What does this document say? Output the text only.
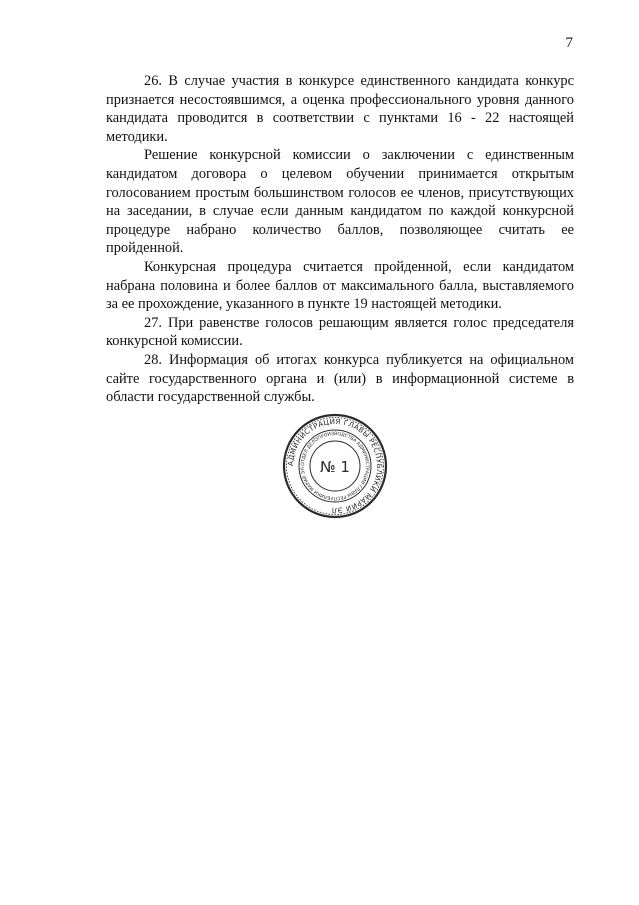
7

26. В случае участия в конкурсе единственного кандидата конкурс признается несостоявшимся, а оценка профессионального уровня данного кандидата проводится в соответствии с пунктами 16 - 22 настоящей методики.

Решение конкурсной комиссии о заключении с единственным кандидатом договора о целевом обучении принимается открытым голосованием простым большинством голосов ее членов, присутствующих на заседании, в случае если данным кандидатом по каждой конкурсной процедуре набрано количество баллов, позволяющее считать ее пройденной.

Конкурсная процедура считается пройденной, если кандидатом набрана половина и более баллов от максимального балла, выставляемого за ее прохождение, указанного в пункте 19 настоящей методики.

27. При равенстве голосов решающим является голос председателя конкурсной комиссии.

28. Информация об итогах конкурса публикуется на официальном сайте государственного органа и (или) в информационной системе в области государственной службы.

АДМИНИСТРАЦИЯ ГЛАВЫ РЕСПУБЛИКИ МАРИЙ ЭЛ
ОТДЕЛ ДЕЛОПРОИЗВОДСТВА АДМИНИСТРАЦИИ ГЛАВЫ РЕСПУБЛИКИ МАРИЙ ЭЛ № 1
